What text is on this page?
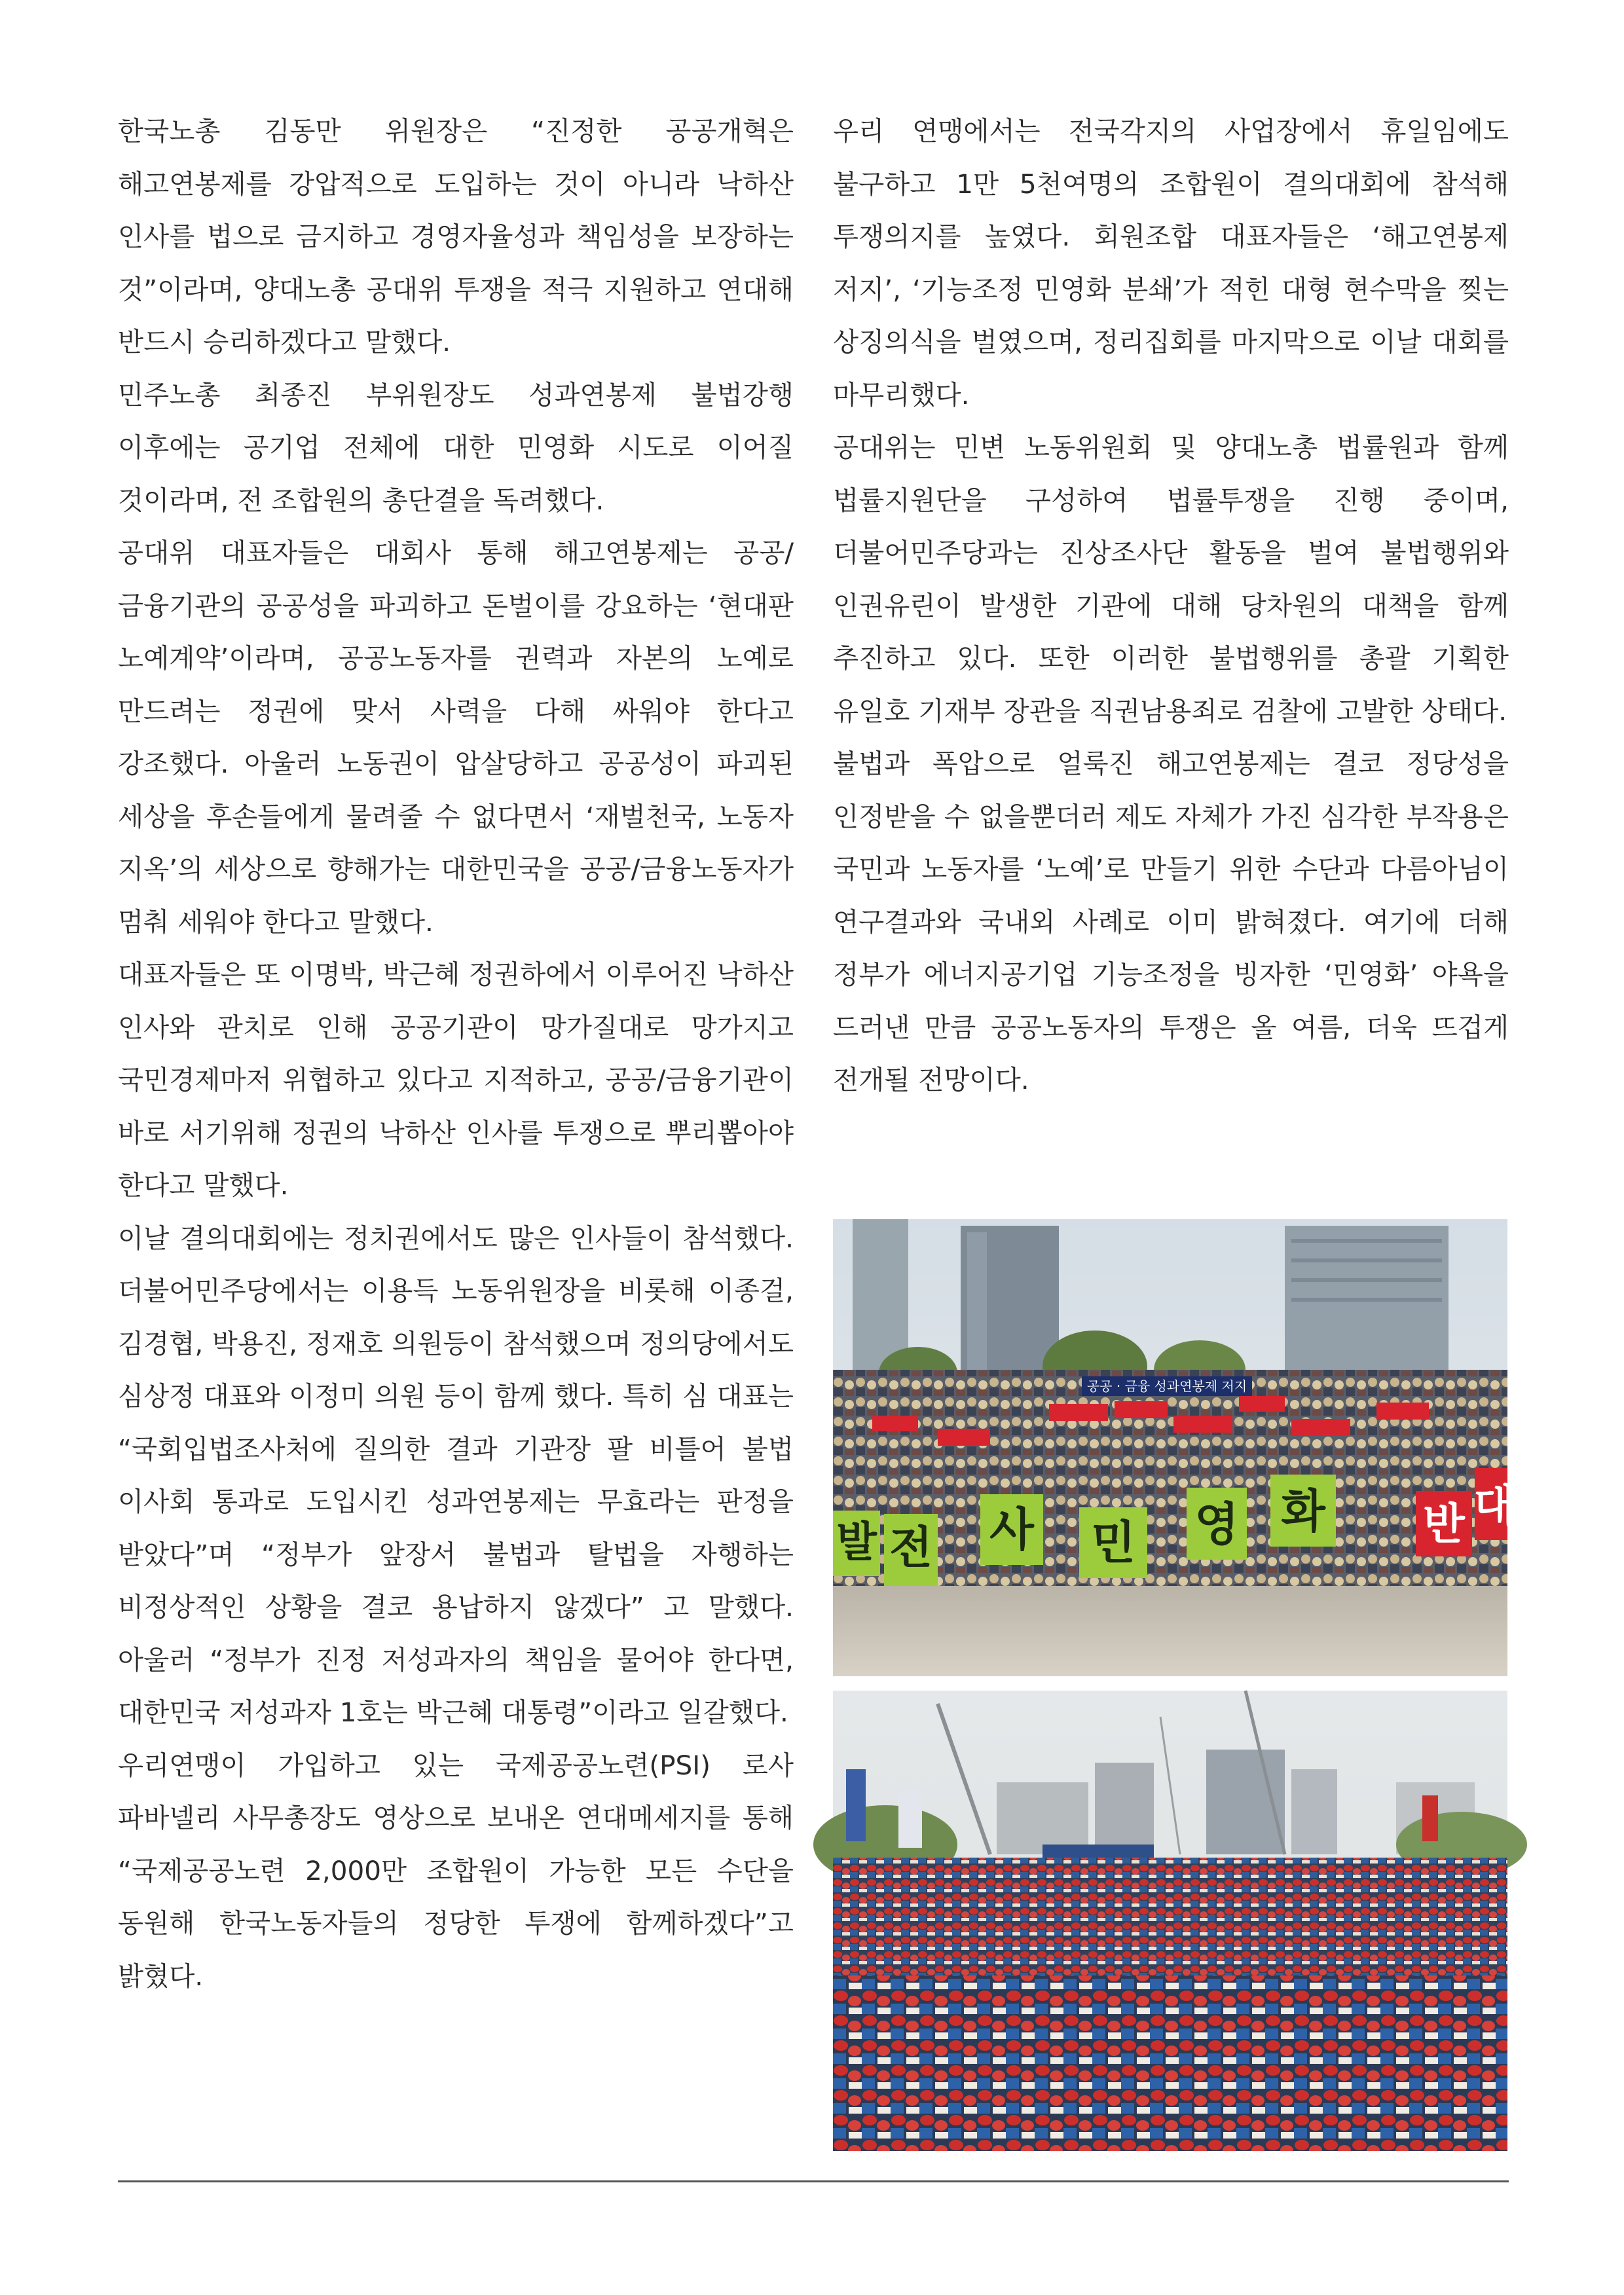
한국노총 김동만 위원장은 “진정한 공공개혁은 해고연봉제를 강압적으로 도입하는 것이 아니라 낙하산 인사를 법으로 금지하고 경영자율성과 책임성을 보장하는 것”이라며, 양대노총 공대위 투쟁을 적극 지원하고 연대해 반드시 승리하겠다고 말했다.

민주노총 최종진 부위원장도 성과연봉제 불법강행 이후에는 공기업 전체에 대한 민영화 시도로 이어질 것이라며, 전 조합원의 총단결을 독려했다.

공대위 대표자들은 대회사 통해 해고연봉제는 공공/금융기관의 공공성을 파괴하고 돈벌이를 강요하는 ‘현대판 노예계약’이라며, 공공노동자를 권력과 자본의 노예로 만드려는 정권에 맞서 사력을 다해 싸워야 한다고 강조했다. 아울러 노동권이 압살당하고 공공성이 파괴된 세상을 후손들에게 물려줄 수 없다면서 ‘재벌천국, 노동자 지옥’의 세상으로 향해가는 대한민국을 공공/금융노동자가 멈춰 세워야 한다고 말했다.

대표자들은 또 이명박, 박근혜 정권하에서 이루어진 낙하산 인사와 관치로 인해 공공기관이 망가질대로 망가지고 국민경제마저 위협하고 있다고 지적하고, 공공/금융기관이 바로 서기위해 정권의 낙하산 인사를 투쟁으로 뿌리뽑아야 한다고 말했다.

이날 결의대회에는 정치권에서도 많은 인사들이 참석했다. 더불어민주당에서는 이용득 노동위원장을 비롯해 이종걸, 김경협, 박용진, 정재호 의원등이 참석했으며 정의당에서도 심상정 대표와 이정미 의원 등이 함께 했다. 특히 심 대표는 “국회입법조사처에 질의한 결과 기관장 팔 비틀어 불법 이사회 통과로 도입시킨 성과연봉제는 무효라는 판정을 받았다”며 “정부가 앞장서 불법과 탈법을 자행하는 비정상적인 상황을 결코 용납하지 않겠다” 고 말했다. 아울러 “정부가 진정 저성과자의 책임을 물어야 한다면, 대한민국 저성과자 1호는 박근혜 대통령”이라고 일갈했다.

우리연맹이 가입하고 있는 국제공공노련(PSI) 로사 파바넬리 사무총장도 영상으로 보내온 연대메세지를 통해 “국제공공노련 2,000만 조합원이 가능한 모든 수단을 동원해 한국노동자들의 정당한 투쟁에 함께하겠다”고 밝혔다.

우리 연맹에서는 전국각지의 사업장에서 휴일임에도 불구하고 1만 5천여명의 조합원이 결의대회에 참석해 투쟁의지를 높였다. 회원조합 대표자들은 ‘해고연봉제 저지’, ‘기능조정 민영화 분쇄’가 적힌 대형 현수막을 찢는 상징의식을 벌였으며, 정리집회를 마지막으로 이날 대회를 마무리했다.

공대위는 민변 노동위원회 및 양대노총 법률원과 함께 법률지원단을 구성하여 법률투쟁을 진행 중이며, 더불어민주당과는 진상조사단 활동을 벌여 불법행위와 인권유린이 발생한 기관에 대해 당차원의 대책을 함께 추진하고 있다. 또한 이러한 불법행위를 총괄 기획한 유일호 기재부 장관을 직권남용죄로 검찰에 고발한 상태다.

불법과 폭압으로 얼룩진 해고연봉제는 결코 정당성을 인정받을 수 없을뿐더러 제도 자체가 가진 심각한 부작용은 국민과 노동자를 ‘노예’로 만들기 위한 수단과 다름아님이 연구결과와 국내외 사례로 이미 밝혀졌다. 여기에 더해 정부가 에너지공기업 기능조정을 빙자한 ‘민영화’ 야욕을 드러낸 만큼 공공노동자의 투쟁은 올 여름, 더욱 뜨겁게 전개될 전망이다.

공공 · 금융 성과연봉제 저지
발 전 사 민 영 화 반 대
